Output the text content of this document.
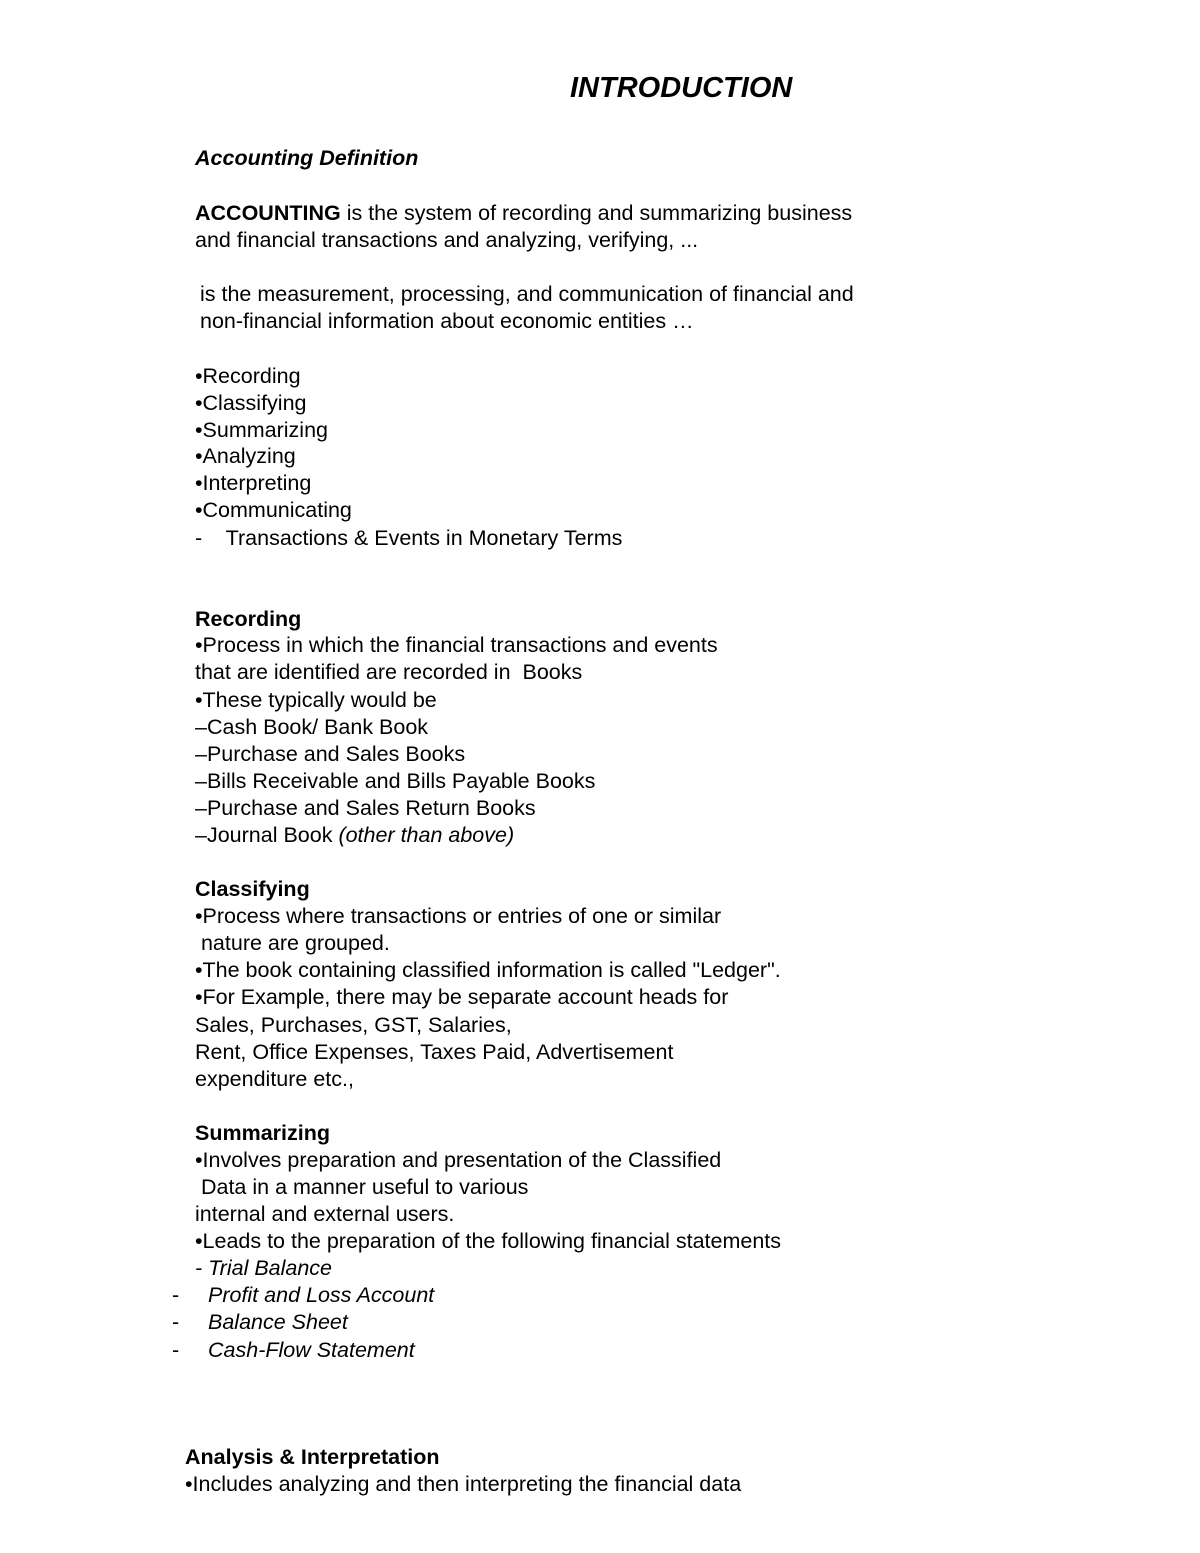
INTRODUCTION
Accounting Definition
ACCOUNTING is the system of recording and summarizing business
and financial transactions and analyzing, verifying, ...
is the measurement, processing, and communication of financial and
non-financial information about economic entities …
•Recording
•Classifying
•Summarizing
•Analyzing
•Interpreting
•Communicating
-    Transactions & Events in Monetary Terms
Recording
•Process in which the financial transactions and events
that are identified are recorded in  Books
•These typically would be
–Cash Book/ Bank Book
–Purchase and Sales Books
–Bills Receivable and Bills Payable Books
–Purchase and Sales Return Books
–Journal Book (other than above)
Classifying
•Process where transactions or entries of one or similar
nature are grouped.
•The book containing classified information is called "Ledger".
•For Example, there may be separate account heads for
Sales, Purchases, GST, Salaries,
Rent, Office Expenses, Taxes Paid, Advertisement
expenditure etc.,
Summarizing
•Involves preparation and presentation of the Classified
Data in a manner useful to various
internal and external users.
•Leads to the preparation of the following financial statements
- Trial Balance
- Profit and Loss Account
- Balance Sheet
- Cash-Flow Statement
Analysis & Interpretation
•Includes analyzing and then interpreting the financial data
